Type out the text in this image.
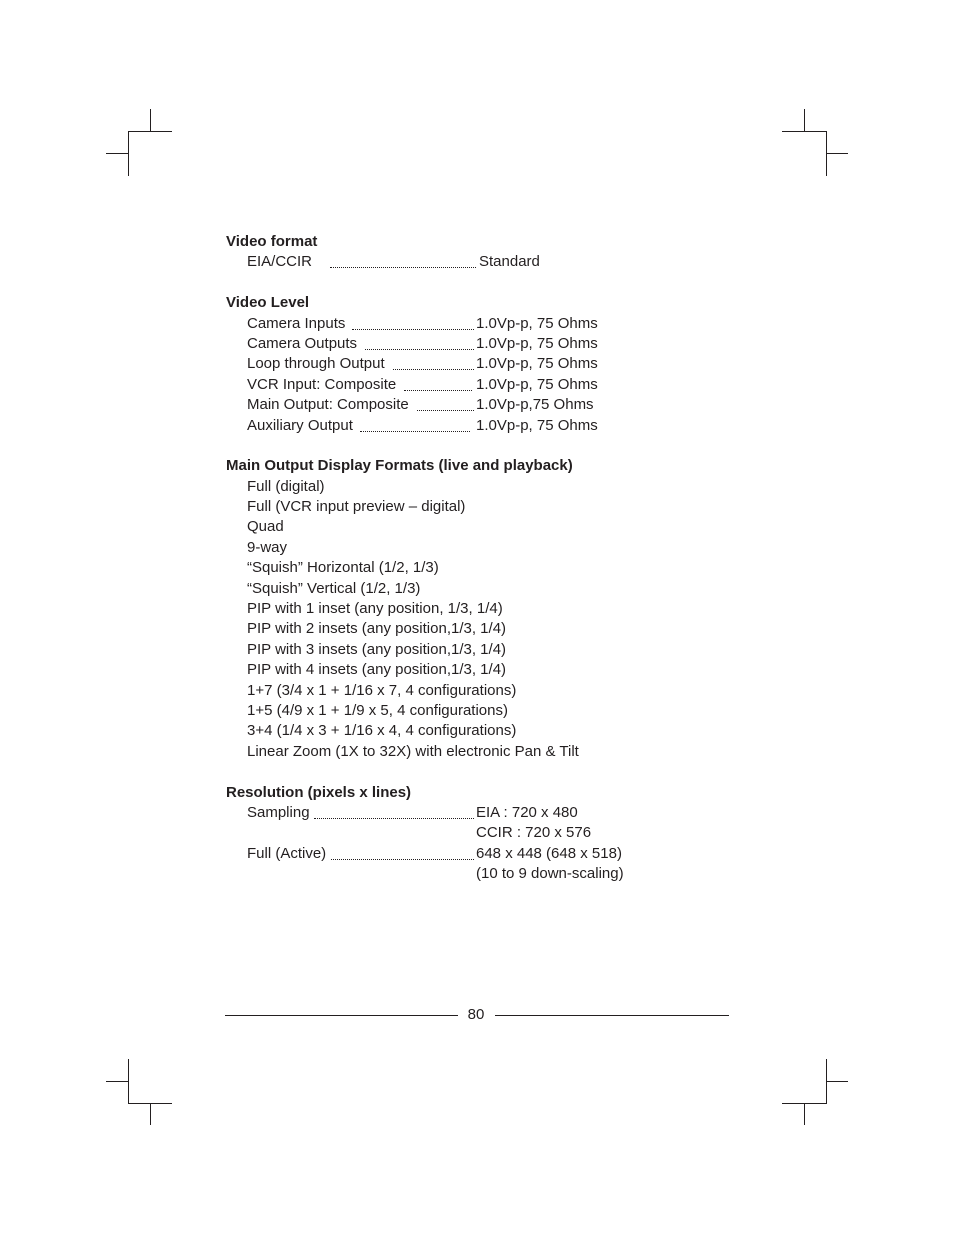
Video format
EIA/CCIR	Standard
Video Level
Camera Inputs	1.0Vp-p, 75 Ohms
Camera Outputs	1.0Vp-p, 75 Ohms
Loop through Output	1.0Vp-p, 75 Ohms
VCR Input: Composite	1.0Vp-p, 75 Ohms
Main Output: Composite	1.0Vp-p,75 Ohms
Auxiliary Output	1.0Vp-p, 75 Ohms
Main Output Display Formats (live and playback)
Full (digital)
Full (VCR input preview – digital)
Quad
9-way
“Squish” Horizontal (1/2, 1/3)
“Squish” Vertical (1/2, 1/3)
PIP with 1 inset (any position, 1/3, 1/4)
PIP with 2 insets (any position,1/3, 1/4)
PIP with 3 insets (any position,1/3, 1/4)
PIP with 4 insets (any position,1/3, 1/4)
1+7 (3/4 x 1 + 1/16 x 7, 4 configurations)
1+5 (4/9 x 1 + 1/9 x 5, 4 configurations)
3+4 (1/4 x 3 + 1/16 x 4, 4 configurations)
Linear Zoom (1X to 32X) with electronic Pan & Tilt
Resolution (pixels x lines)
Sampling	EIA : 720 x 480
CCIR : 720 x 576
Full (Active)	648 x 448 (648 x 518)
(10 to 9 down-scaling)
80
